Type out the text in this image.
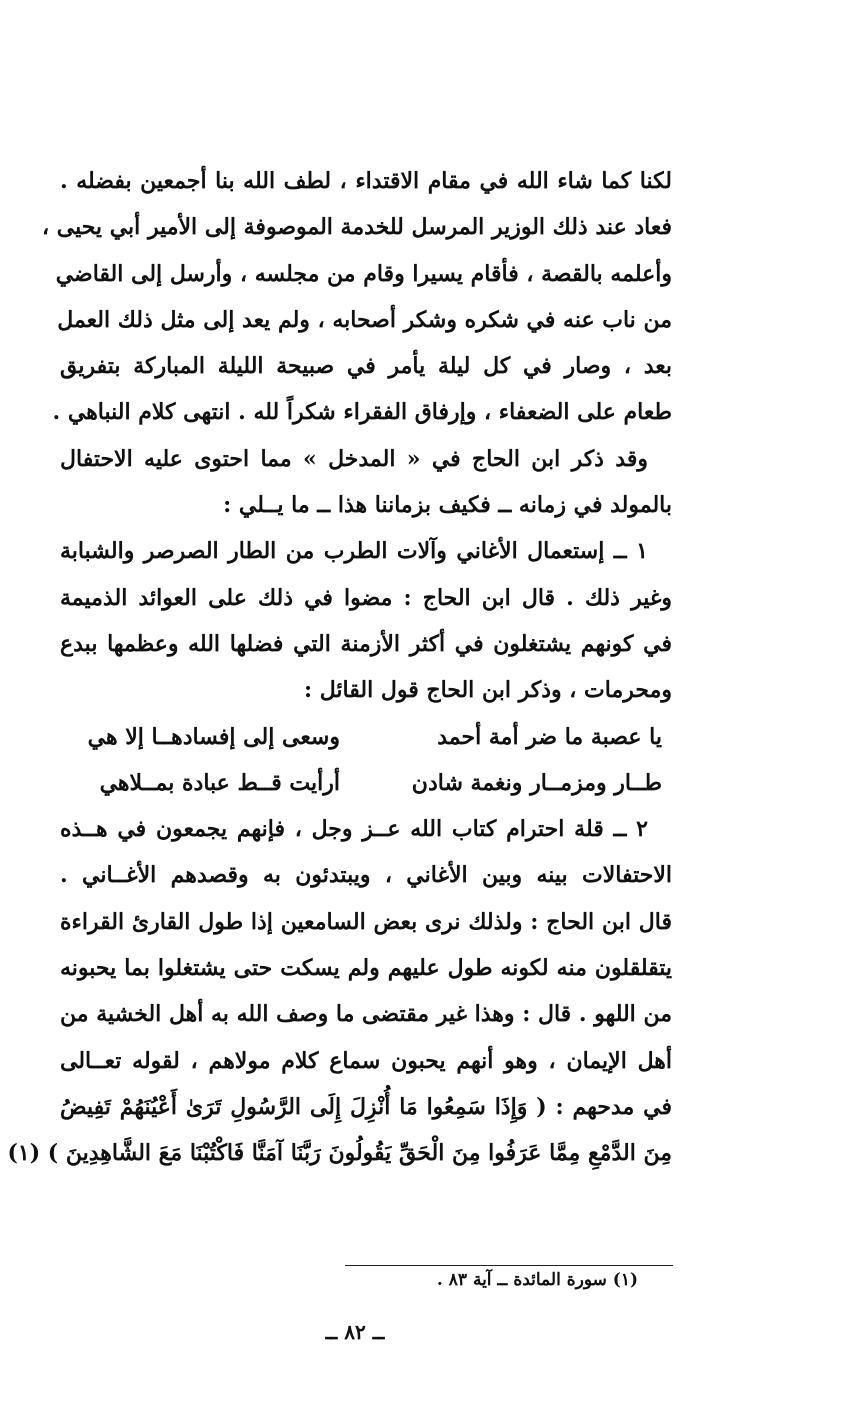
لكنا كما شاء الله في مقام الاقتداء ، لطف الله بنا أجمعين بفضله .
فعاد عند ذلك الوزير المرسل للخدمة الموصوفة إلى الأمير أبي يحيى ،
وأعلمه بالقصة ، فأقام يسيرا وقام من مجلسه ، وأرسل إلى القاضي
من ناب عنه في شكره وشكر أصحابه ، ولم يعد إلى مثل ذلك العمل
بعد ، وصار في كل ليلة يأمر في صبيحة الليلة المباركة بتفريق
طعام على الضعفاء ، وإرفاق الفقراء شكراً لله . انتهى كلام النباهي .
وقد ذكر ابن الحاج في « المدخل » مما احتوى عليه الاحتفال
بالمولد في زمانه ــ فكيف بزماننا هذا ــ ما يــلي :
١ ــ إستعمال الأغاني وآلات الطرب من الطار الصرصر والشبابة
وغير ذلك . قال ابن الحاج : مضوا في ذلك على العوائد الذميمة
في كونهم يشتغلون في أكثر الأزمنة التي فضلها الله وعظمها ببدع
ومحرمات ، وذكر ابن الحاج قول القائل :
يا عصبة ما ضر أمة أحمد
وسعى إلى إفسادهــا إلا هي
طــار ومزمــار ونغمة شادن
أرأيت قــط عبادة بمــلاهي
٢ ــ قلة احترام كتاب الله عــز وجل ، فإنهم يجمعون في هــذه
الاحتفالات بينه وبين الأغاني ، ويبتدئون به وقصدهم الأغــاني .
قال ابن الحاج : ولذلك نرى بعض السامعين إذا طول القارئ القراءة
يتقلقلون منه لكونه طول عليهم ولم يسكت حتى يشتغلوا بما يحبونه
من اللهو . قال : وهذا غير مقتضى ما وصف الله به أهل الخشية من
أهل الإيمان ، وهو أنهم يحبون سماع كلام مولاهم ، لقوله تعــالى
في مدحهم : ( وَإِذَا سَمِعُوا مَا أُنْزِلَ إِلَى الرَّسُولِ تَرَىٰ أَعْيُنَهُمْ تَفِيضُ
مِنَ الدَّمْعِ مِمَّا عَرَفُوا مِنَ الْحَقِّ يَقُولُونَ رَبَّنَا آمَنَّا فَاكْتُبْنَا مَعَ الشَّاهِدِينَ ) (١)
(١) سورة المائدة ــ آية ٨٣ .
ــ ٨٢ ــ
